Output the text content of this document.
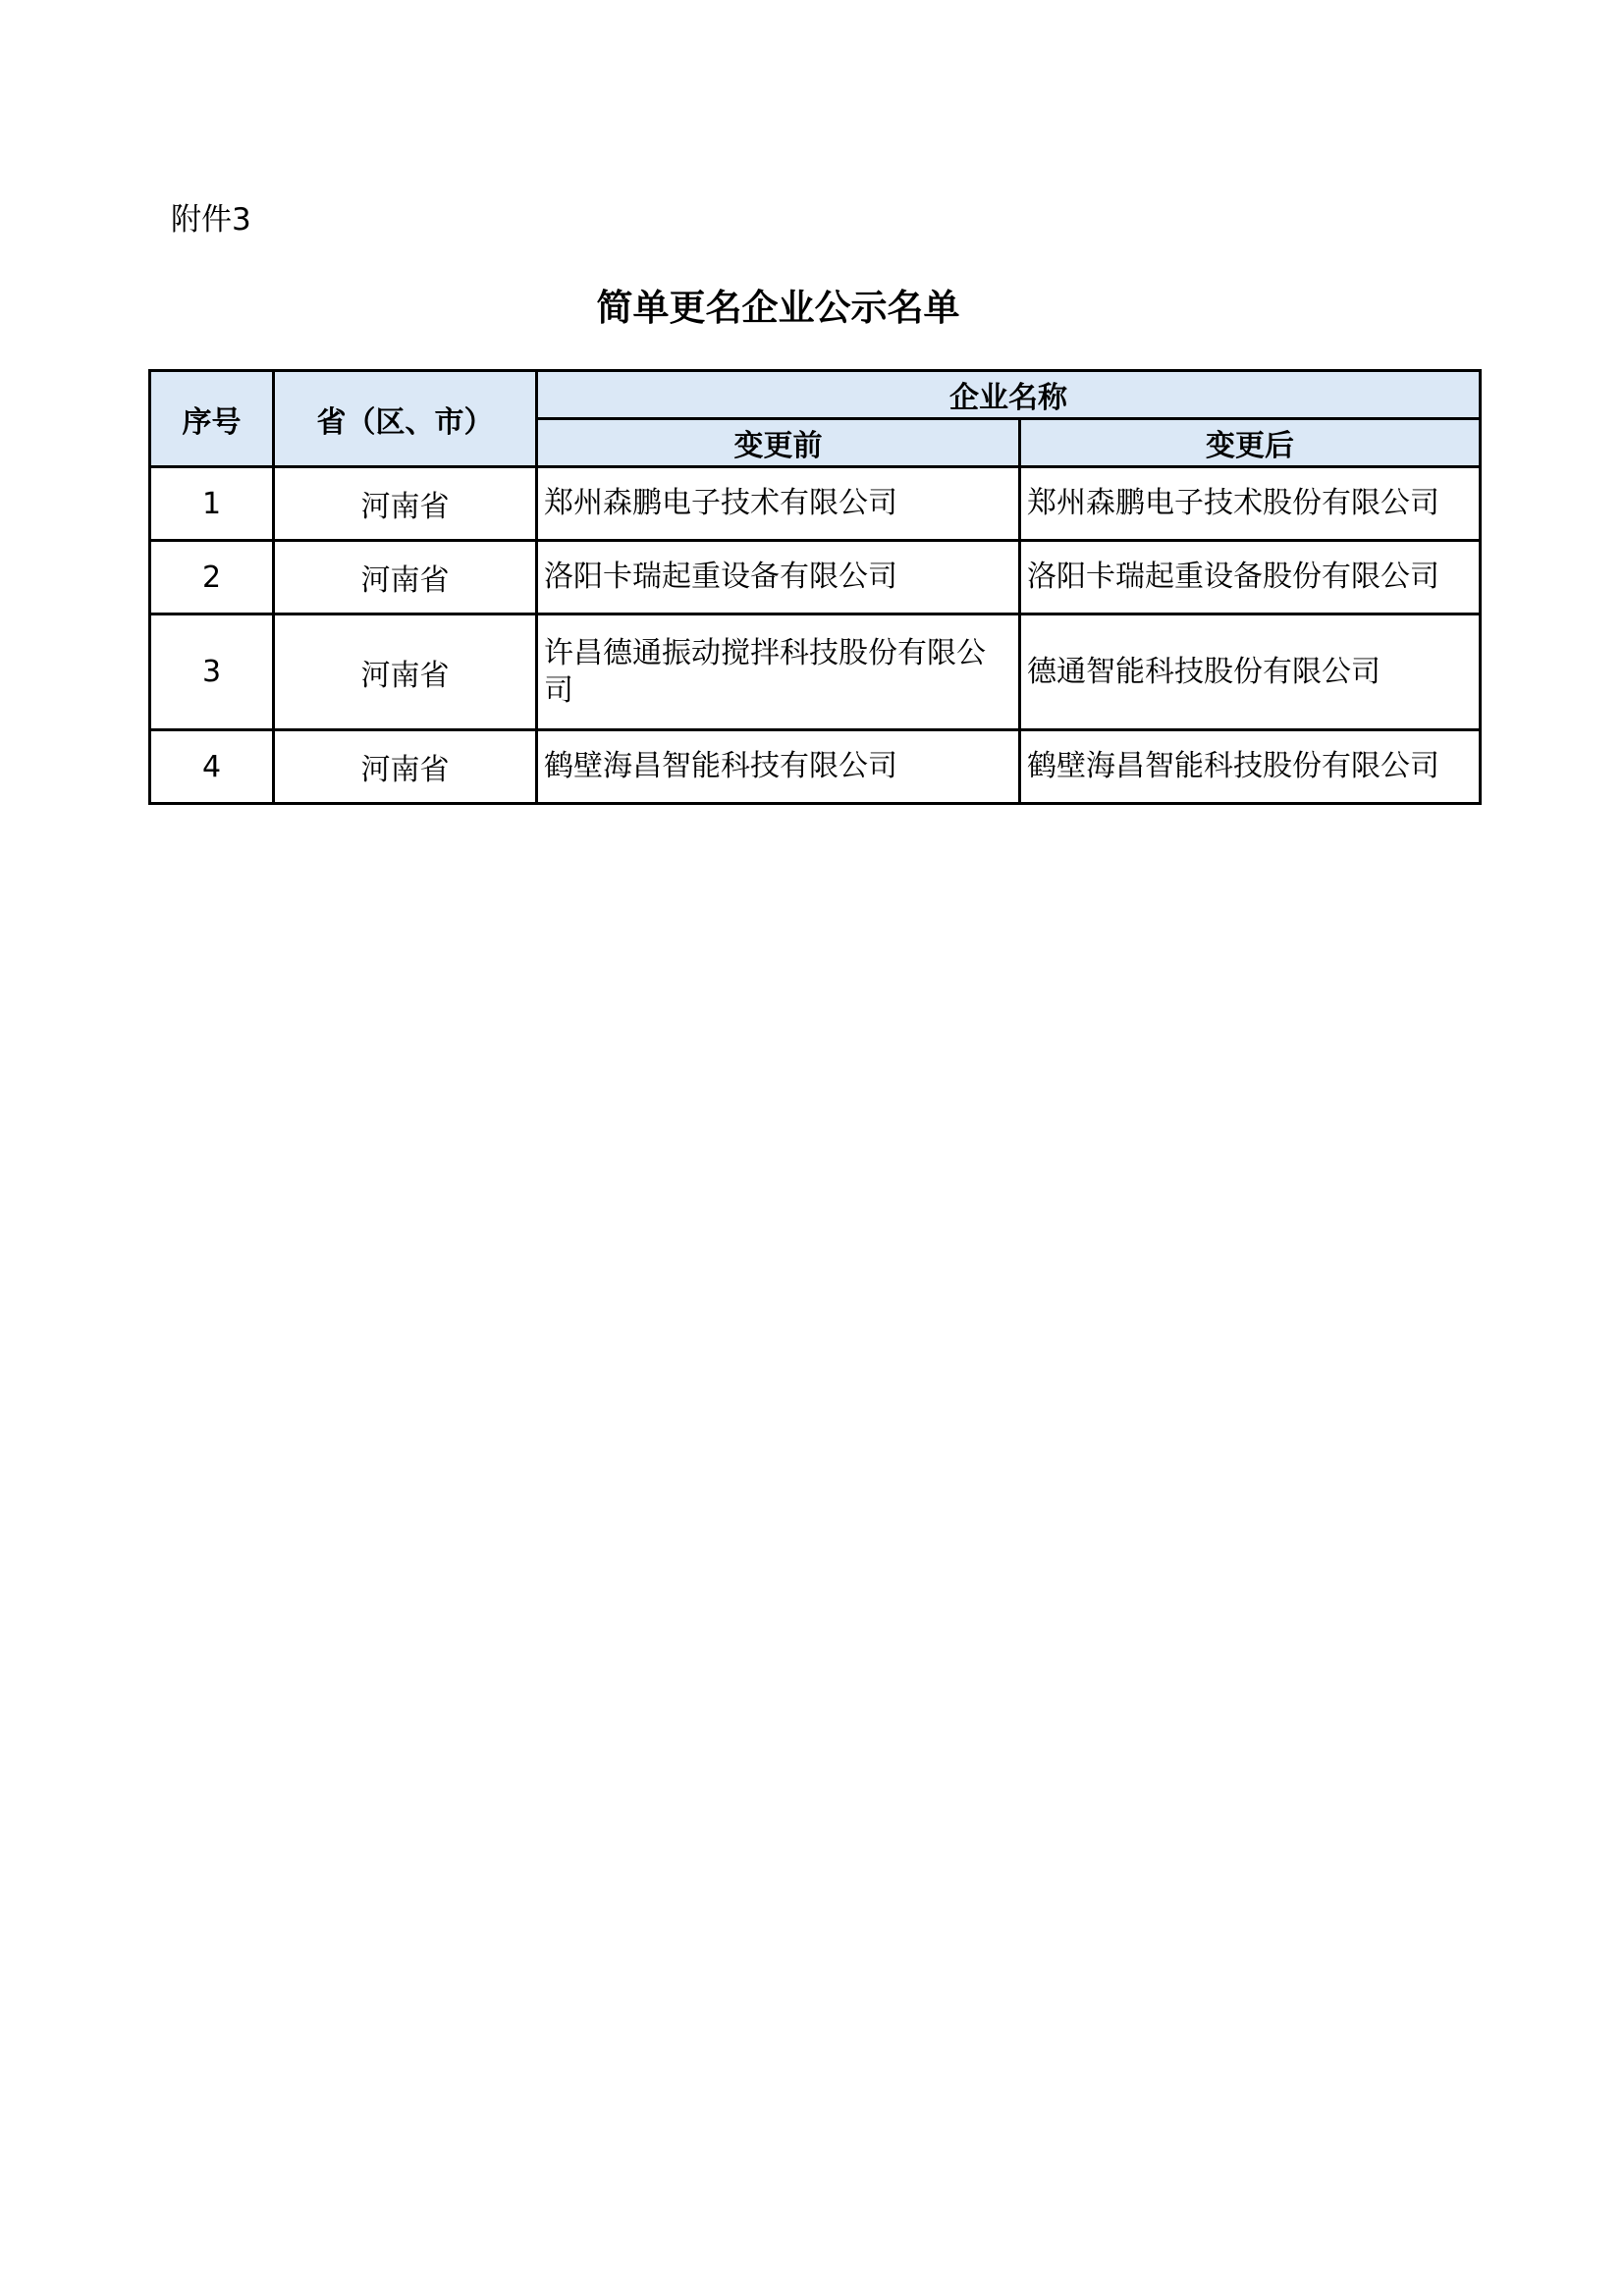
附件3
简单更名企业公示名单
序号	省（区、市）	企业名称	
		变更前	变更后
1	河南省	郑州森鹏电子技术有限公司	郑州森鹏电子技术股份有限公司
2	河南省	洛阳卡瑞起重设备有限公司	洛阳卡瑞起重设备股份有限公司
3	河南省	许昌德通振动搅拌科技股份有限公司	德通智能科技股份有限公司
4	河南省	鹤壁海昌智能科技有限公司	鹤壁海昌智能科技股份有限公司
